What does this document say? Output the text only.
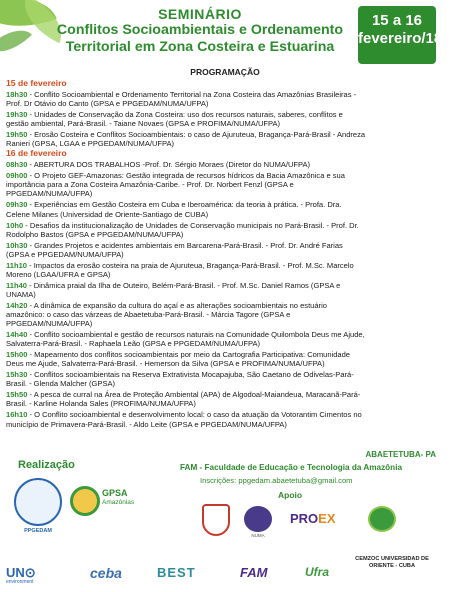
SEMINÁRIO
Conflitos Socioambientais e Ordenamento
Territorial em Zona Costeira e Estuarina
15 a 16
fevereiro/18
PROGRAMAÇÃO
15 de fevereiro
18h30 - Conflito Socioambiental e Ordenamento Territorial na Zona Costeira das Amazônias Brasileiras - Prof. Dr Otávio do Canto (GPSA e PPGEDAM/NUMA/UFPA)
19h30 - Unidades de Conservação da Zona Costeira: uso dos recursos naturais, saberes, conflitos e gestão ambiental, Pará-Brasil. - Taiane Novaes (GPSA e PROFIMA/NUMA/UFPA)
19h50 - Erosão Costeira e Conflitos Socioambientais: o caso de Ajuruteua, Bragança-Pará-Brasil - Andreza Ranieri (GPSA, LGAA e PPGEDAM/NUMA/UFPA)
16 de fevereiro
08h30 - ABERTURA DOS TRABALHOS -Prof. Dr. Sérgio Moraes (Diretor do NUMA/UFPA)
09h00 - O Projeto GEF-Amazonas: Gestão integrada de recursos hídricos da Bacia Amazônica e sua importância para a Zona Costeira Amazônia-Caribe. - Prof. Dr. Norbert Fenzl (GPSA e PPGEDAM/NUMA/UFPA)
09h30 - Experiências em Gestão Costeira em Cuba e Iberoamérica: da teoria à prática. - Profa. Dra. Celene Milanes (Universidad de Oriente-Santiago de CUBA)
10h0 - Desafios da institucionalização de Unidades de Conservação municipais no Pará-Brasil. - Prof. Dr. Rodolpho Bastos (GPSA e PPGEDAM/NUMA/UFPA)
10h30 - Grandes Projetos e acidentes ambientais em Barcarena-Pará-Brasil. - Prof. Dr. André Farias (GPSA e PPGEDAM/NUMA/UFPA)
11h10 - Impactos da erosão costeira na praia de Ajuruteua, Bragança-Pará-Brasil. - Prof. M.Sc. Marcelo Moreno (LGAA/UFRA e GPSA)
11h40 - Dinâmica praial da Ilha de Outeiro, Belém-Pará-Brasil. - Prof. M.Sc. Daniel Ramos (GPSA e UNAMA)
14h20 - A dinâmica de expansão da cultura do açaí e as alterações socioambientais no estuário amazônico: o caso das várzeas de Abaetetuba-Pará-Brasil. - Márcia Tagore (GPSA e PPGEDAM/NUMA/UFPA)
14h40 - Conflito socioambiental e gestão de recursos naturais na Comunidade Quilombola Deus me Ajude, Salvaterra-Pará-Brasil. - Raphaela Leão (GPSA e PPGEDAM/NUMA/UFPA)
15h00 - Mapeamento dos conflitos socioambientais por meio da Cartografia Participativa: Comunidade Deus me Ajude, Salvaterra-Pará-Brasil. - Hemerson da Silva (GPSA e PROFIMA/NUMA/UFPA)
15h30 - Conflitos socioambientais na Reserva Extrativista Mocapajuba, São Caetano de Odivelas-Pará-Brasil. - Glenda Malcher (GPSA)
15h50 - A pesca de curral na Área de Proteção Ambiental (APA) de Algodoal-Maiandeua, Maracanã-Pará-Brasil. - Karline Holanda Sales (PROFIMA/NUMA/UFPA)
16h10 - O Conflito socioambiental e desenvolvimento local: o caso da atuação da Votorantim Cimentos no município de Primavera-Pará-Brasil. - Aldo Leite (GPSA e PPGEDAM/NUMA/UFPA)
ABAETETUBA- PA
Realização	FAM - Faculdade de Educação e Tecnologia da Amazônia
Inscrições: ppgedam.abaetetuba@gmail.com
Apoio
PPGEDAM
GPSA
Amazônias
NUMA
PROEX
CEMZOC UNIVERSIDAD DE ORIENTE - CUBA
UN⊙
environment
ceba	BEST	FAM	Ufra
